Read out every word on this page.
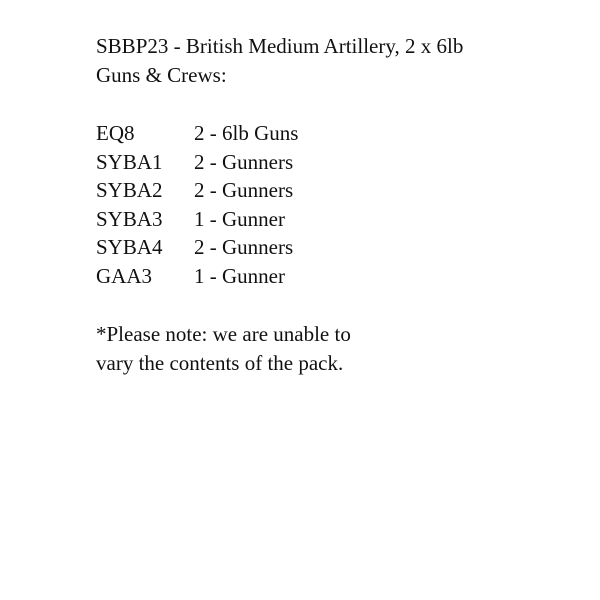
SBBP23 - British Medium Artillery, 2 x 6lb
Guns & Crews:
EQ8	2 - 6lb Guns
SYBA1	2 - Gunners
SYBA2	2 - Gunners
SYBA3	1 - Gunner
SYBA4	2 - Gunners
GAA3	1 - Gunner
*Please note: we are unable to
vary the contents of the pack.
